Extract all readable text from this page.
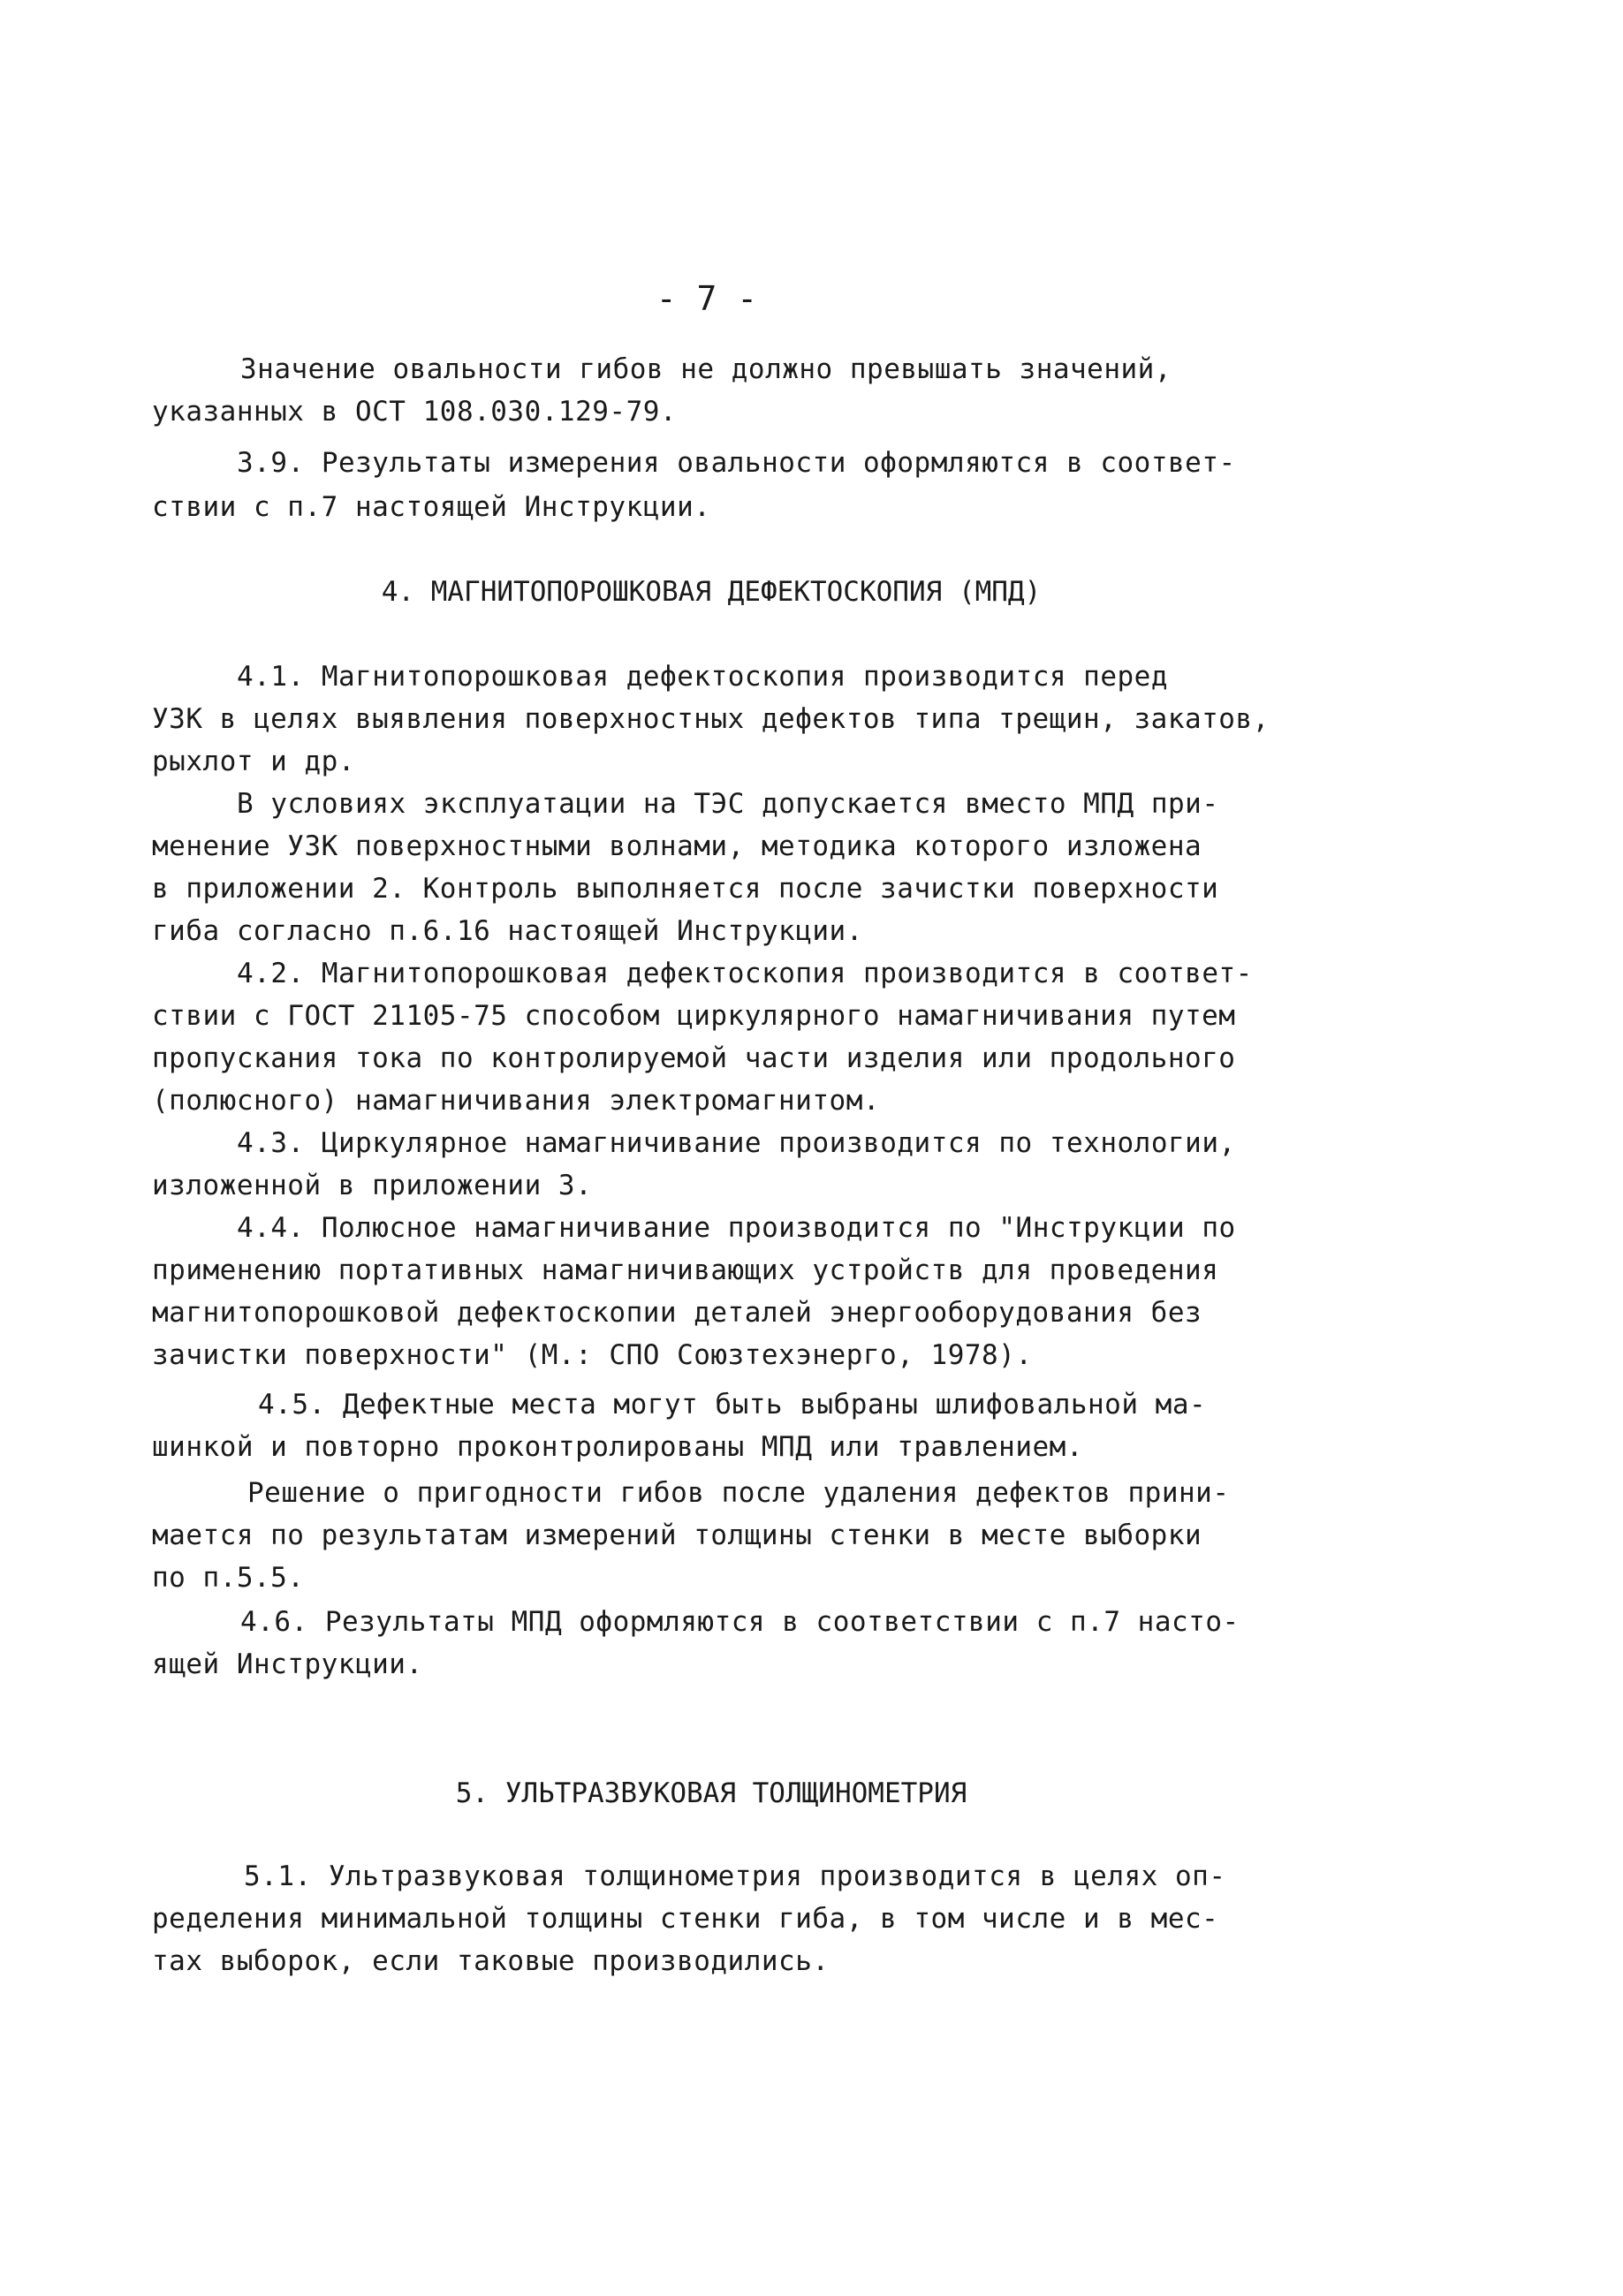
- 7 -
Значение овальности гибов не должно превышать значений,
указанных в ОСТ 108.030.129-79.
3.9. Результаты измерения овальности оформляются в соответ-
ствии с п.7 настоящей Инструкции.
4. МАГНИТОПОРОШКОВАЯ ДЕФЕКТОСКОПИЯ (МПД)
4.1. Магнитопорошковая дефектоскопия производится перед
УЗК в целях выявления поверхностных дефектов типа трещин, закатов,
рыхлот и др.
В условиях эксплуатации на ТЭС допускается вместо МПД при-
менение УЗК поверхностными волнами, методика которого изложена
в приложении 2. Контроль выполняется после зачистки поверхности
гиба согласно п.6.16 настоящей Инструкции.
4.2. Магнитопорошковая дефектоскопия производится в соответ-
ствии с ГОСТ 21105-75 способом циркулярного намагничивания путем
пропускания тока по контролируемой части изделия или продольного
(полюсного) намагничивания электромагнитом.
4.3. Циркулярное намагничивание производится по технологии,
изложенной в приложении 3.
4.4. Полюсное намагничивание производится по "Инструкции по
применению портативных намагничивающих устройств для проведения
магнитопорошковой дефектоскопии деталей энергооборудования без
зачистки поверхности" (М.: СПО Союзтехэнерго, 1978).
4.5. Дефектные места могут быть выбраны шлифовальной ма-
шинкой и повторно проконтролированы МПД или травлением.
Решение о пригодности гибов после удаления дефектов прини-
мается по результатам измерений толщины стенки в месте выборки
по п.5.5.
4.6. Результаты МПД оформляются в соответствии с п.7 насто-
ящей Инструкции.
5. УЛЬТРАЗВУКОВАЯ ТОЛЩИНОМЕТРИЯ
5.1. Ультразвуковая толщинометрия производится в целях оп-
ределения минимальной толщины стенки гиба, в том числе и в мес-
тах выборок, если таковые производились.
